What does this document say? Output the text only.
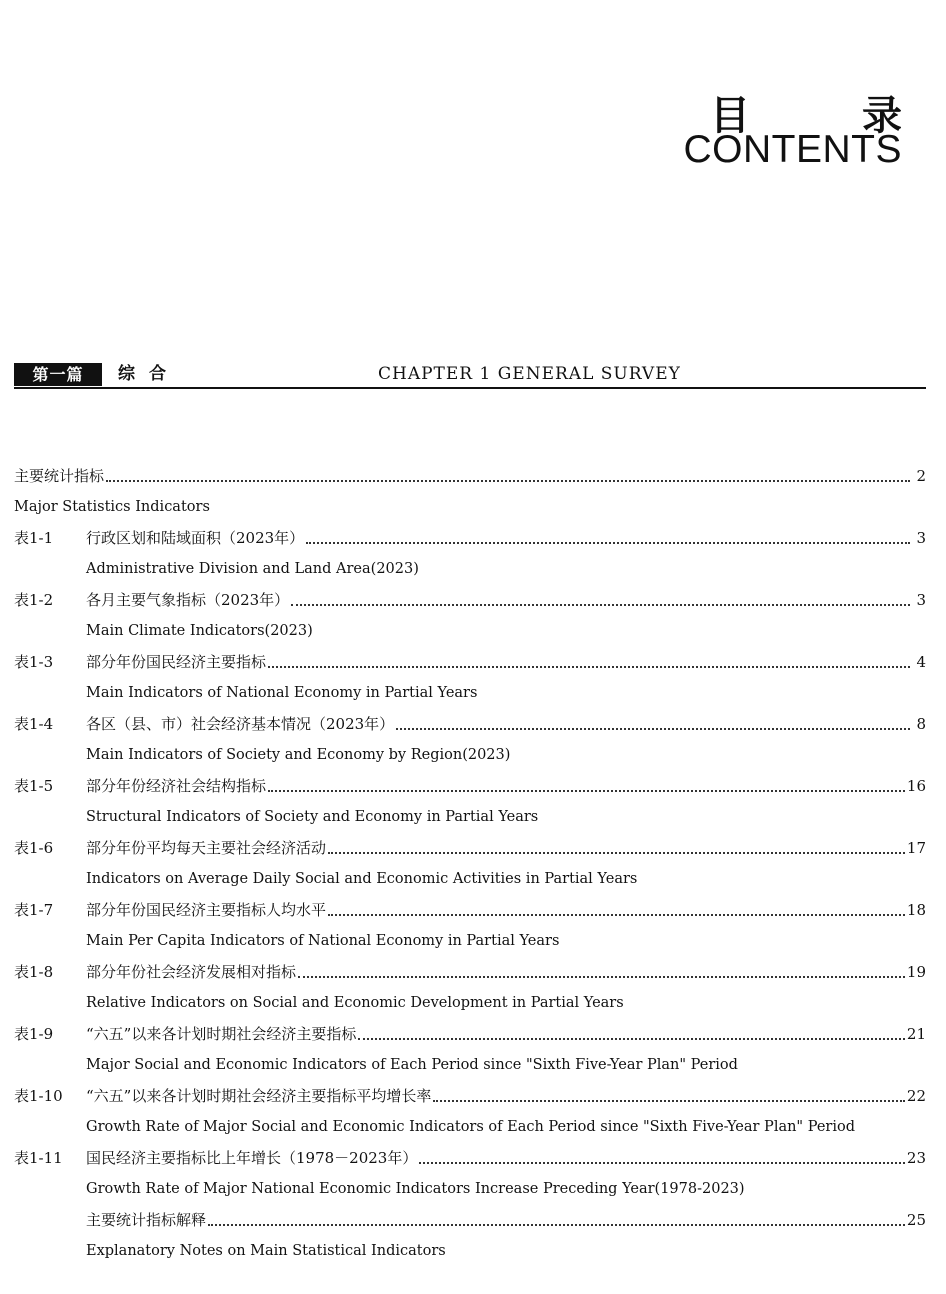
目　录
CONTENTS
第一篇	综合	CHAPTER 1 GENERAL SURVEY
主要统计指标	2
Major Statistics Indicators
表1-1	行政区划和陆域面积（2023年）	3
Administrative Division and Land Area(2023)
表1-2	各月主要气象指标（2023年）	3
Main Climate Indicators(2023)
表1-3	部分年份国民经济主要指标	4
Main Indicators of National Economy in Partial Years
表1-4	各区（县、市）社会经济基本情况（2023年）	8
Main Indicators of Society and Economy by Region(2023)
表1-5	部分年份经济社会结构指标	16
Structural Indicators of Society and Economy in Partial Years
表1-6	部分年份平均每天主要社会经济活动	17
Indicators on Average Daily Social and Economic Activities in Partial Years
表1-7	部分年份国民经济主要指标人均水平	18
Main Per Capita Indicators of National Economy in Partial Years
表1-8	部分年份社会经济发展相对指标	19
Relative Indicators on Social and Economic Development in Partial Years
表1-9	“六五”以来各计划时期社会经济主要指标	21
Major Social and Economic Indicators of Each Period since "Sixth Five-Year Plan" Period
表1-10	“六五”以来各计划时期社会经济主要指标平均增长率	22
Growth Rate of Major Social and Economic Indicators of Each Period since "Sixth Five-Year Plan" Period
表1-11	国民经济主要指标比上年增长（1978－2023年）	23
Growth Rate of Major National Economic Indicators Increase Preceding Year(1978-2023)
主要统计指标解释	25
Explanatory Notes on Main Statistical Indicators
